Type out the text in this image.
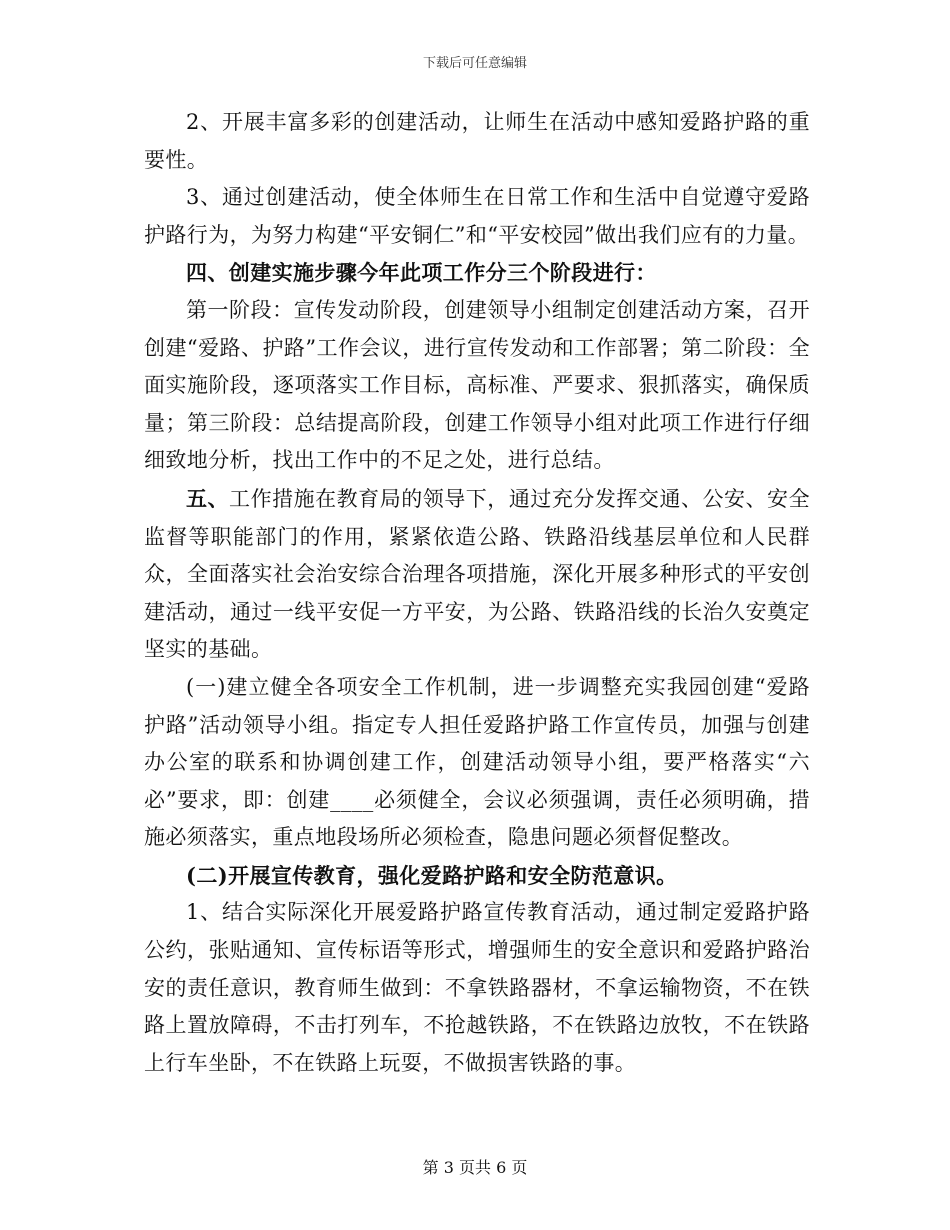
下载后可任意编辑

2、开展丰富多彩的创建活动，让师生在活动中感知爱路护路的重要性。

3、通过创建活动，使全体师生在日常工作和生活中自觉遵守爱路护路行为，为努力构建“平安铜仁”和“平安校园”做出我们应有的力量。

四、创建实施步骤今年此项工作分三个阶段进行：

第一阶段：宣传发动阶段，创建领导小组制定创建活动方案，召开创建“爱路、护路”工作会议，进行宣传发动和工作部署；第二阶段：全面实施阶段，逐项落实工作目标，高标准、严要求、狠抓落实，确保质量；第三阶段：总结提高阶段，创建工作领导小组对此项工作进行仔细细致地分析，找出工作中的不足之处，进行总结。

五、工作措施在教育局的领导下，通过充分发挥交通、公安、安全监督等职能部门的作用，紧紧依造公路、铁路沿线基层单位和人民群众，全面落实社会治安综合治理各项措施，深化开展多种形式的平安创建活动，通过一线平安促一方平安，为公路、铁路沿线的长治久安奠定坚实的基础。

(一)建立健全各项安全工作机制，进一步调整充实我园创建“爱路护路”活动领导小组。指定专人担任爱路护路工作宣传员，加强与创建办公室的联系和协调创建工作，创建活动领导小组，要严格落实“六必”要求，即：创建____必须健全，会议必须强调，责任必须明确，措施必须落实，重点地段场所必须检查，隐患问题必须督促整改。

(二)开展宣传教育，强化爱路护路和安全防范意识。

1、结合实际深化开展爱路护路宣传教育活动，通过制定爱路护路公约，张贴通知、宣传标语等形式，增强师生的安全意识和爱路护路治安的责任意识，教育师生做到：不拿铁路器材，不拿运输物资，不在铁路上置放障碍，不击打列车，不抢越铁路，不在铁路边放牧，不在铁路上行车坐卧，不在铁路上玩耍，不做损害铁路的事。

第 3 页共 6 页
